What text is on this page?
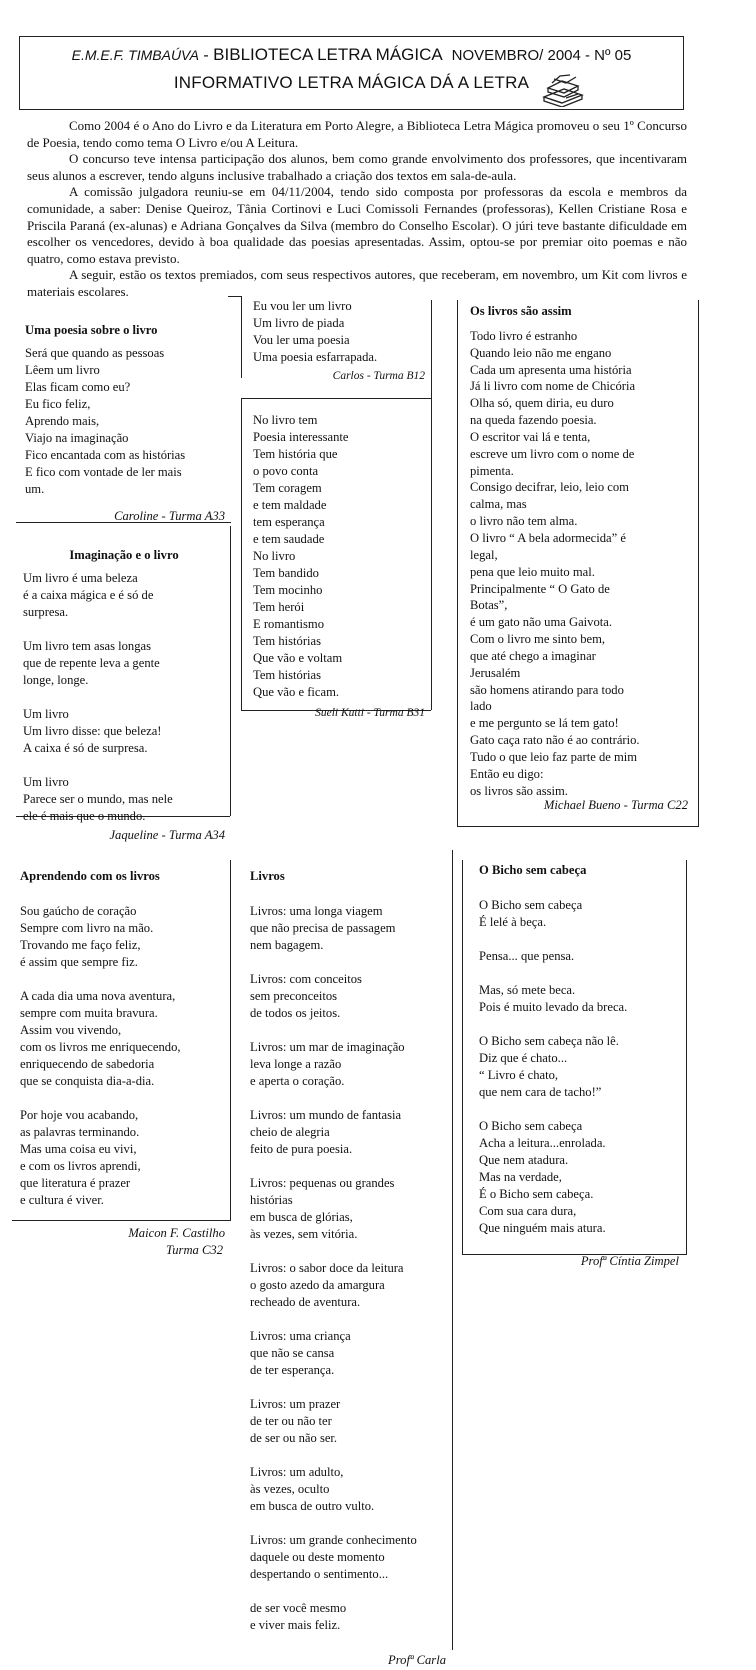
E.M.E.F. TIMBAÚVA - BIBLIOTECA LETRA MÁGICA NOVEMBRO/ 2004 - Nº 05
INFORMATIVO LETRA MÁGICA DÁ A LETRA

Como 2004 é o Ano do Livro e da Literatura em Porto Alegre, a Biblioteca Letra Mágica promoveu o seu 1º Concurso de Poesia, tendo como tema O Livro e/ou A Leitura.

O concurso teve intensa participação dos alunos, bem como grande envolvimento dos professores, que incentivaram seus alunos a escrever, tendo alguns inclusive trabalhado a criação dos textos em sala-de-aula.

A comissão julgadora reuniu-se em 04/11/2004, tendo sido composta por professoras da escola e membros da comunidade, a saber: Denise Queiroz, Tânia Cortinovi e Luci Comissoli Fernandes (professoras), Kellen Cristiane Rosa e Priscila Paraná (ex-alunas) e Adriana Gonçalves da Silva (membro do Conselho Escolar). O júri teve bastante dificuldade em escolher os vencedores, devido à boa qualidade das poesias apresentadas. Assim, optou-se por premiar oito poemas e não quatro, como estava previsto.

A seguir, estão os textos premiados, com seus respectivos autores, que receberam, em novembro, um Kit com livros e materiais escolares.

Uma poesia sobre o livro
Será que quando as pessoas
Lêem um livro
Elas ficam como eu?
Eu fico feliz,
Aprendo mais,
Viajo na imaginação
Fico encantada com as histórias
E fico com vontade de ler mais
um.
Caroline - Turma A33
Imaginação e o livro
Um livro é uma beleza
é a caixa mágica e é só de
surpresa.
Um livro tem asas longas
que de repente leva a gente
longe, longe.
Um livro
Um livro disse: que beleza!
A caixa é só de surpresa.
Um livro
Parece ser o mundo, mas nele
ele é mais que o mundo.
Jaqueline - Turma A34
Eu vou ler um livro
Um livro de piada
Vou ler uma poesia
Uma poesia esfarrapada.
Carlos - Turma B12
No livro tem
Poesia interessante
Tem história que
o povo conta
Tem coragem
e tem maldade
tem esperança
e tem saudade
No livro
Tem bandido
Tem mocinho
Tem herói
E romantismo
Tem histórias
Que vão e voltam
Tem histórias
Que vão e ficam.
Sueli Kutti - Turma B31
Os livros são assim
Todo livro é estranho
Quando leio não me engano
Cada um apresenta uma história
Já li livro com nome de Chicória
Olha só, quem diria, eu duro
na queda fazendo poesia.
O escritor vai lá e tenta,
escreve um livro com o nome de
pimenta.
Consigo decifrar, leio, leio com
calma, mas
o livro não tem alma.
O livro “ A bela adormecida” é
legal,
pena que leio muito mal.
Principalmente “ O Gato de
Botas”,
é um gato não uma Gaivota.
Com o livro me sinto bem,
que até chego a imaginar
Jerusalém
são homens atirando para todo
lado
e me pergunto se lá tem gato!
Gato caça rato não é ao contrário.
Tudo o que leio faz parte de mim
Então eu digo:
os livros são assim.
Michael Bueno - Turma C22
Aprendendo com os livros
Sou gaúcho de coração
Sempre com livro na mão.
Trovando me faço feliz,
é assim que sempre fiz.
A cada dia uma nova aventura,
sempre com muita bravura.
Assim vou vivendo,
com os livros me enriquecendo,
enriquecendo de sabedoria
que se conquista dia-a-dia.
Por hoje vou acabando,
as palavras terminando.
Mas uma coisa eu vivi,
e com os livros aprendi,
que literatura é prazer
e cultura é viver.
Maicon F. Castilho
Turma C32
Livros
Livros: uma longa viagem
que não precisa de passagem
nem bagagem.
Livros: com conceitos
sem preconceitos
de todos os jeitos.
Livros: um mar de imaginação
leva longe a razão
e aperta o coração.
Livros: um mundo de fantasia
cheio de alegria
feito de pura poesia.
Livros: pequenas ou grandes
histórias
em busca de glórias,
às vezes, sem vitória.
Livros: o sabor doce da leitura
o gosto azedo da amargura
recheado de aventura.
Livros: uma criança
que não se cansa
de ter esperança.
Livros: um prazer
de ter ou não ter
de ser ou não ser.
Livros: um adulto,
às vezes, oculto
em busca de outro vulto.
Livros: um grande conhecimento
daquele ou deste momento
despertando o sentimento...
de ser você mesmo
e viver mais feliz.
Profª Carla
O Bicho sem cabeça
O Bicho sem cabeça
É lelé à beça.
Pensa... que pensa.
Mas, só mete beca.
Pois é muito levado da breca.
O Bicho sem cabeça não lê.
Diz que é chato...
“ Livro é chato,
que nem cara de tacho!”
O Bicho sem cabeça
Acha a leitura...enrolada.
Que nem atadura.
Mas na verdade,
É o Bicho sem cabeça.
Com sua cara dura,
Que ninguém mais atura.
Profª Cíntia Zimpel
